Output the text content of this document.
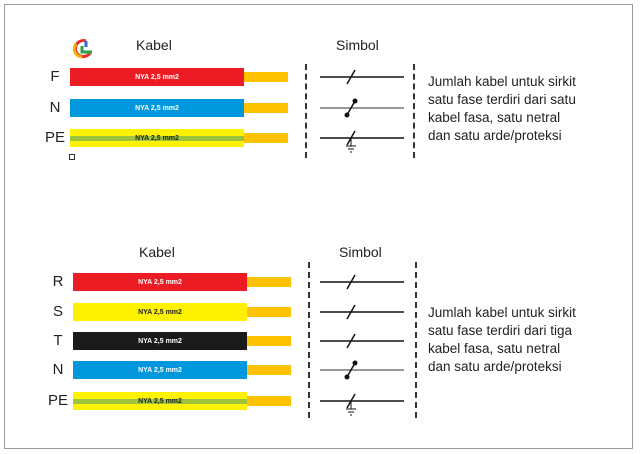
Kabel	Simbol
F	NYA 2,5 mm2
N	NYA 2,5 mm2
PE	NYA 2,5 mm2
Jumlah kabel untuk sirkit
satu fase terdiri dari satu
kabel fasa, satu netral
dan satu arde/proteksi
Kabel	Simbol
R	NYA 2,5 mm2
S	NYA 2,5 mm2
T	NYA 2,5 mm2
N	NYA 2,5 mm2
PE	NYA 2,5 mm2
Jumlah kabel untuk sirkit
satu fase terdiri dari tiga
kabel fasa, satu netral
dan satu arde/proteksi
